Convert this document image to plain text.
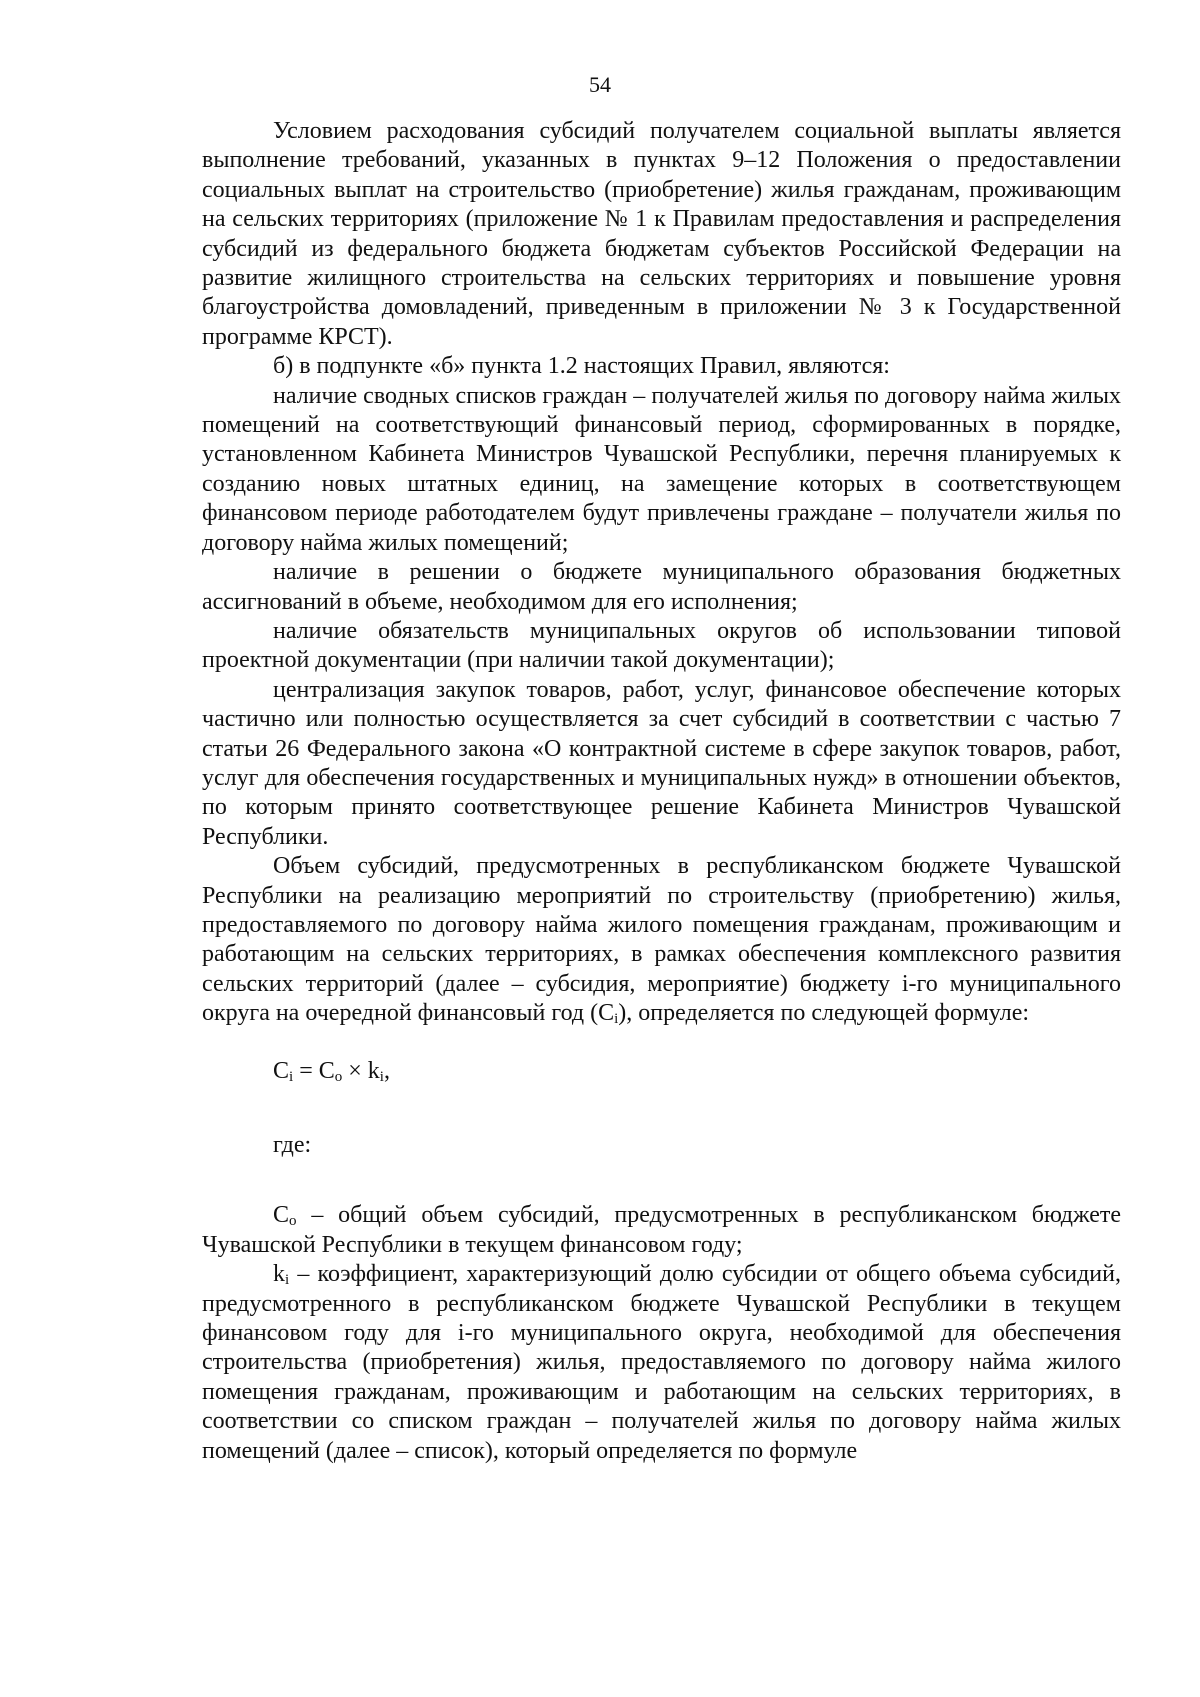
54

Условием расходования субсидий получателем социальной выплаты является выполнение требований, указанных в пунктах 9–12 Положения о предоставлении социальных выплат на строительство (приобретение) жилья гражданам, проживающим на сельских территориях (приложение № 1 к Правилам предоставления и распределения субсидий из федерального бюджета бюджетам субъектов Российской Федерации на развитие жилищного строительства на сельских территориях и повышение уровня благоустройства домовладений, приведенным в приложении № 3 к Государственной программе КРСТ).

б) в подпункте «б» пункта 1.2 настоящих Правил, являются:

наличие сводных списков граждан – получателей жилья по договору найма жилых помещений на соответствующий финансовый период, сформированных в порядке, установленном Кабинета Министров Чувашской Республики, перечня планируемых к созданию новых штатных единиц, на замещение которых в соответствующем финансовом периоде работодателем будут привлечены граждане – получатели жилья по договору найма жилых помещений;

наличие в решении о бюджете муниципального образования бюджетных ассигнований в объеме, необходимом для его исполнения;

наличие обязательств муниципальных округов об использовании типовой проектной документации (при наличии такой документации);

централизация закупок товаров, работ, услуг, финансовое обеспечение которых частично или полностью осуществляется за счет субсидий в соответствии с частью 7 статьи 26 Федерального закона «О контрактной системе в сфере закупок товаров, работ, услуг для обеспечения государственных и муниципальных нужд» в отношении объектов, по которым принято соответствующее решение Кабинета Министров Чувашской Республики.

Объем субсидий, предусмотренных в республиканском бюджете Чувашской Республики на реализацию мероприятий по строительству (приобретению) жилья, предоставляемого по договору найма жилого помещения гражданам, проживающим и работающим на сельских территориях, в рамках обеспечения комплексного развития сельских территорий (далее – субсидия, мероприятие) бюджету i-го муниципального округа на очередной финансовый год $(C_i)$, определяется по следующей формуле:

$C_i = C_o \times k_i$,

где:

$C_o$ – общий объем субсидий, предусмотренных в республиканском бюджете Чувашской Республики в текущем финансовом году;

$k_i$ – коэффициент, характеризующий долю субсидии от общего объема субсидий, предусмотренного в республиканском бюджете Чувашской Республики в текущем финансовом году для i-го муниципального округа, необходимой для обеспечения строительства (приобретения) жилья, предоставляемого по договору найма жилого помещения гражданам, проживающим и работающим на сельских территориях, в соответствии со списком граждан – получателей жилья по договору найма жилых помещений (далее – список), который определяется по формуле
